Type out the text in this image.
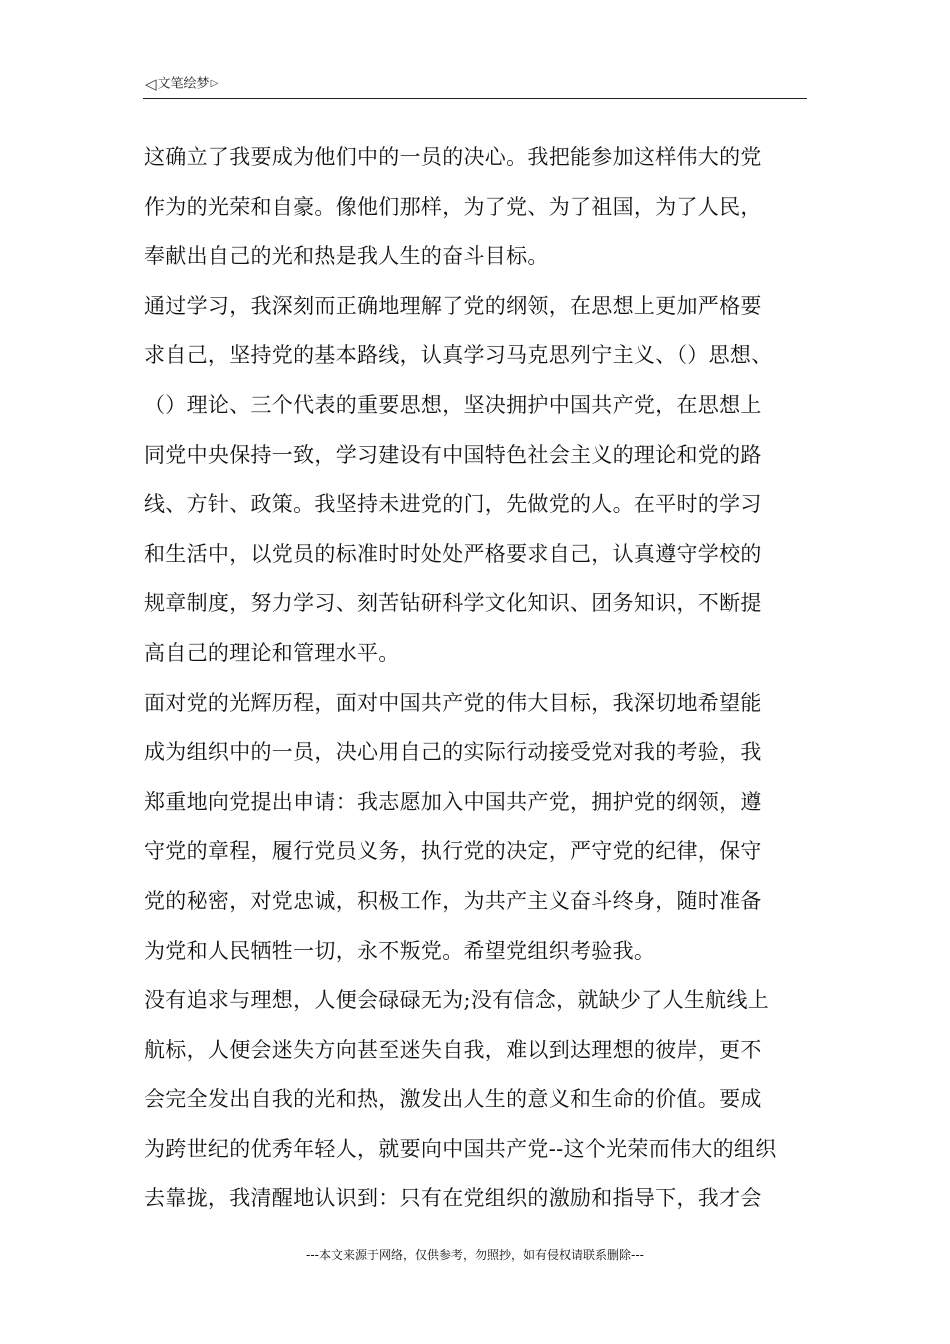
◁文笔绘梦▷

这确立了我要成为他们中的一员的决心。我把能参加这样伟大的党
作为的光荣和自豪。像他们那样，为了党、为了祖国，为了人民，
奉献出自己的光和热是我人生的奋斗目标。

通过学习，我深刻而正确地理解了党的纲领，在思想上更加严格要
求自己，坚持党的基本路线，认真学习马克思列宁主义、（）思想、
（）理论、三个代表的重要思想，坚决拥护中国共产党，在思想上
同党中央保持一致，学习建设有中国特色社会主义的理论和党的路
线、方针、政策。我坚持未进党的门，先做党的人。在平时的学习
和生活中，以党员的标准时时处处严格要求自己，认真遵守学校的
规章制度，努力学习、刻苦钻研科学文化知识、团务知识，不断提
高自己的理论和管理水平。

面对党的光辉历程，面对中国共产党的伟大目标，我深切地希望能
成为组织中的一员，决心用自己的实际行动接受党对我的考验，我
郑重地向党提出申请：我志愿加入中国共产党，拥护党的纲领，遵
守党的章程，履行党员义务，执行党的决定，严守党的纪律，保守
党的秘密，对党忠诚，积极工作，为共产主义奋斗终身，随时准备
为党和人民牺牲一切，永不叛党。希望党组织考验我。

没有追求与理想，人便会碌碌无为;没有信念，就缺少了人生航线上
航标，人便会迷失方向甚至迷失自我，难以到达理想的彼岸，更不
会完全发出自我的光和热，激发出人生的意义和生命的价值。要成
为跨世纪的优秀年轻人，就要向中国共产党--这个光荣而伟大的组织
去靠拢，我清醒地认识到：只有在党组织的激励和指导下，我才会

---本文来源于网络，仅供参考，勿照抄，如有侵权请联系删除---
